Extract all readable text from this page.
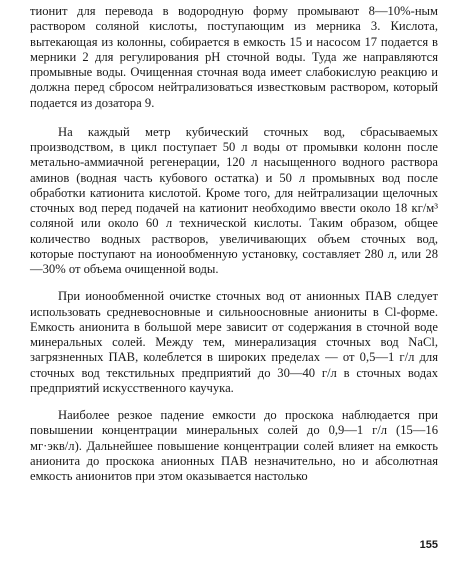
тионит для перевода в водородную форму промывают 8—10%-ным раствором соляной кислоты, поступающим из мерника 3. Кислота, вытекающая из колонны, собирается в емкость 15 и насосом 17 подается в мерники 2 для регулирования pH сточной воды. Туда же направляются промывные воды. Очищенная сточная вода имеет слабокислую реакцию и должна перед сбросом нейтрализоваться известковым раствором, который подается из дозатора 9.

На каждый метр кубический сточных вод, сбрасываемых производством, в цикл поступает 50 л воды от промывки колонн после метально-аммиачной регенерации, 120 л насыщенного водного раствора аминов (водная часть кубового остатка) и 50 л промывных вод после обработки катионита кислотой. Кроме того, для нейтрализации щелочных сточных вод перед подачей на катионит необходимо ввести около 18 кг/м³ соляной или около 60 л технической кислоты. Таким образом, общее количество водных растворов, увеличивающих объем сточных вод, которые поступают на ионообменную установку, составляет 280 л, или 28—30% от объема очищенной воды.

При ионообменной очистке сточных вод от анионных ПАВ следует использовать средневосновные и сильноосновные аниониты в Cl-форме. Емкость анионита в большой мере зависит от содержания в сточной воде минеральных солей. Между тем, минерализация сточных вод NaCl, загрязненных ПАВ, колеблется в широких пределах — от 0,5—1 г/л для сточных вод текстильных предприятий до 30—40 г/л в сточных водах предприятий искусственного каучука.

Наиболее резкое падение емкости до проскока наблюдается при повышении концентрации минеральных солей до 0,9—1 г/л (15—16 мг·экв/л). Дальнейшее повышение концентрации солей влияет на емкость анионита до проскока анионных ПАВ незначительно, но и абсолютная емкость анионитов при этом оказывается настолько

155
